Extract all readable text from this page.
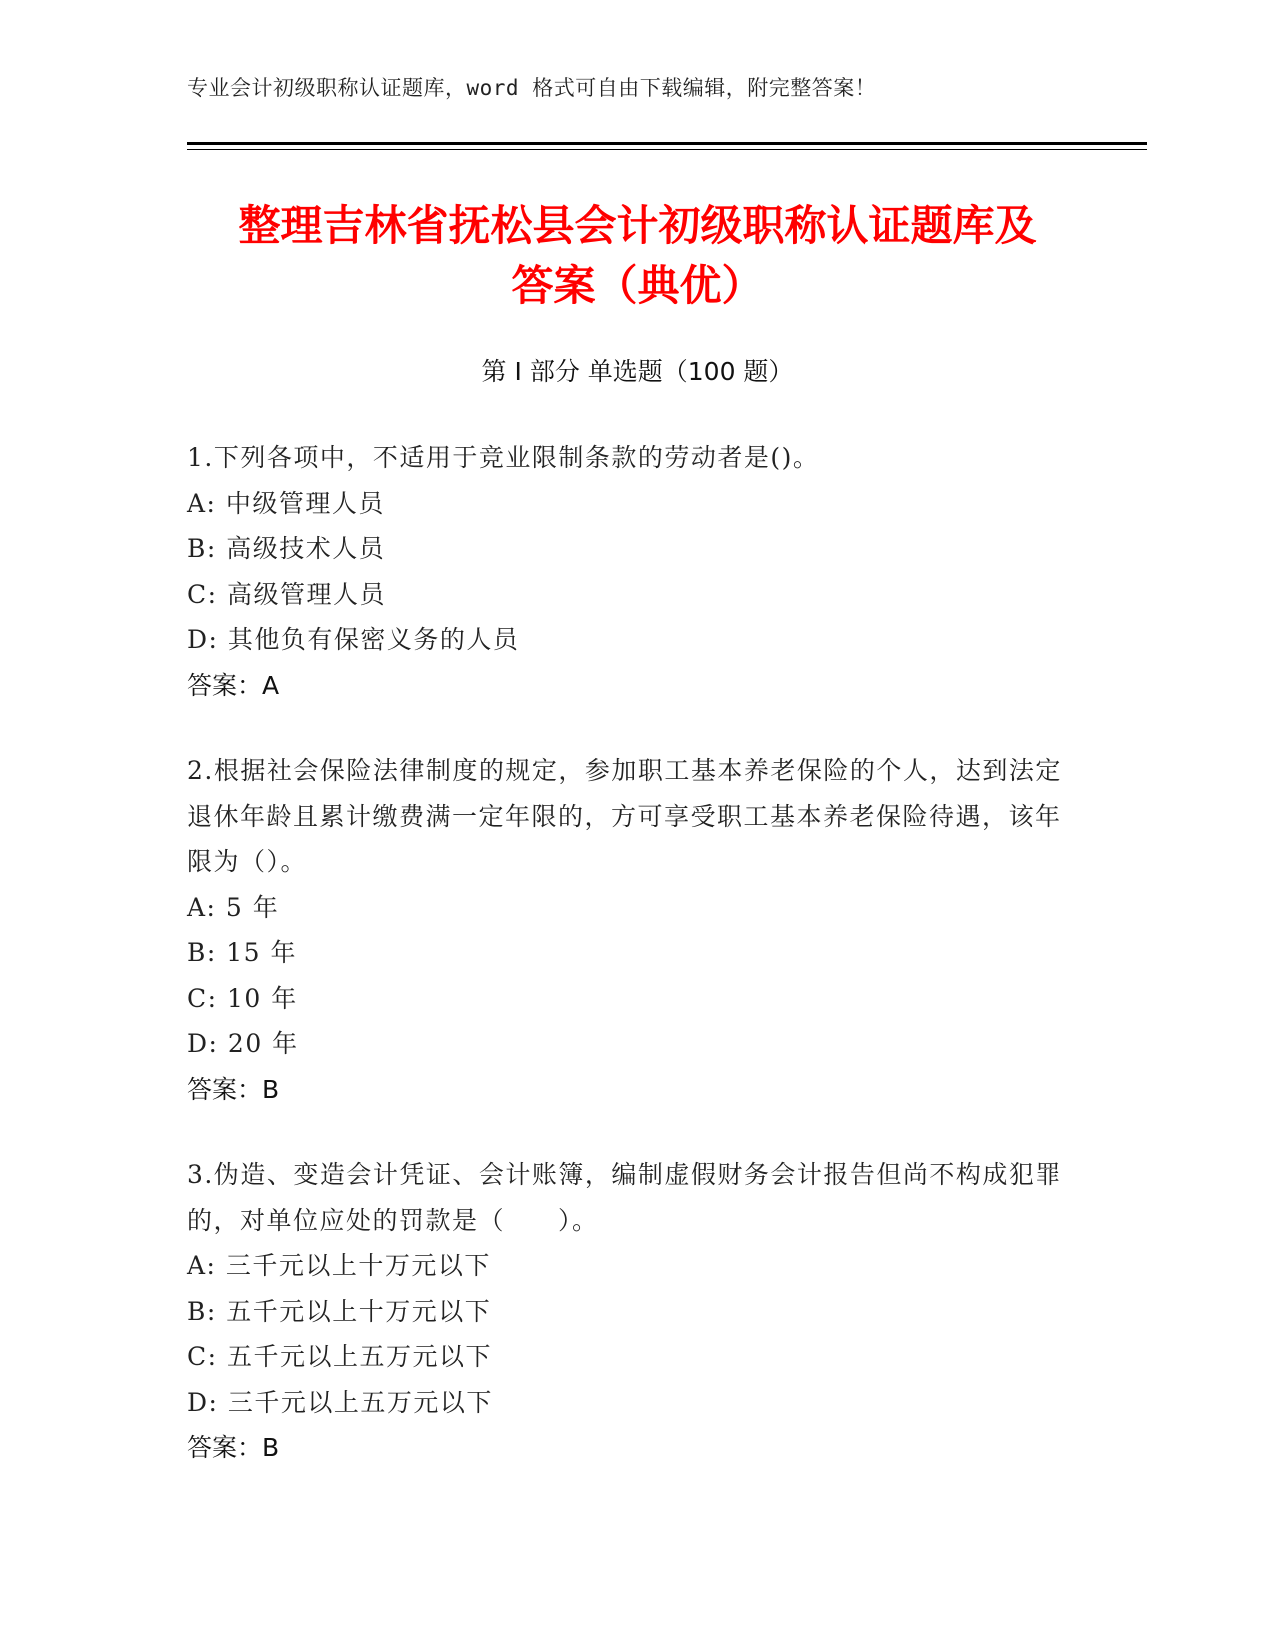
专业会计初级职称认证题库，word 格式可自由下载编辑，附完整答案！
整理吉林省抚松县会计初级职称认证题库及
答案（典优）
第 I 部分 单选题（100 题）
1.下列各项中，不适用于竞业限制条款的劳动者是()。
A: 中级管理人员
B: 高级技术人员
C: 高级管理人员
D: 其他负有保密义务的人员
答案：A
2.根据社会保险法律制度的规定，参加职工基本养老保险的个人，达到法定退休年龄且累计缴费满一定年限的，方可享受职工基本养老保险待遇，该年限为（）。
A: 5 年
B: 15 年
C: 10 年
D: 20 年
答案：B
3.伪造、变造会计凭证、会计账簿，编制虚假财务会计报告但尚不构成犯罪的，对单位应处的罚款是（　　）。
A: 三千元以上十万元以下
B: 五千元以上十万元以下
C: 五千元以上五万元以下
D: 三千元以上五万元以下
答案：B
